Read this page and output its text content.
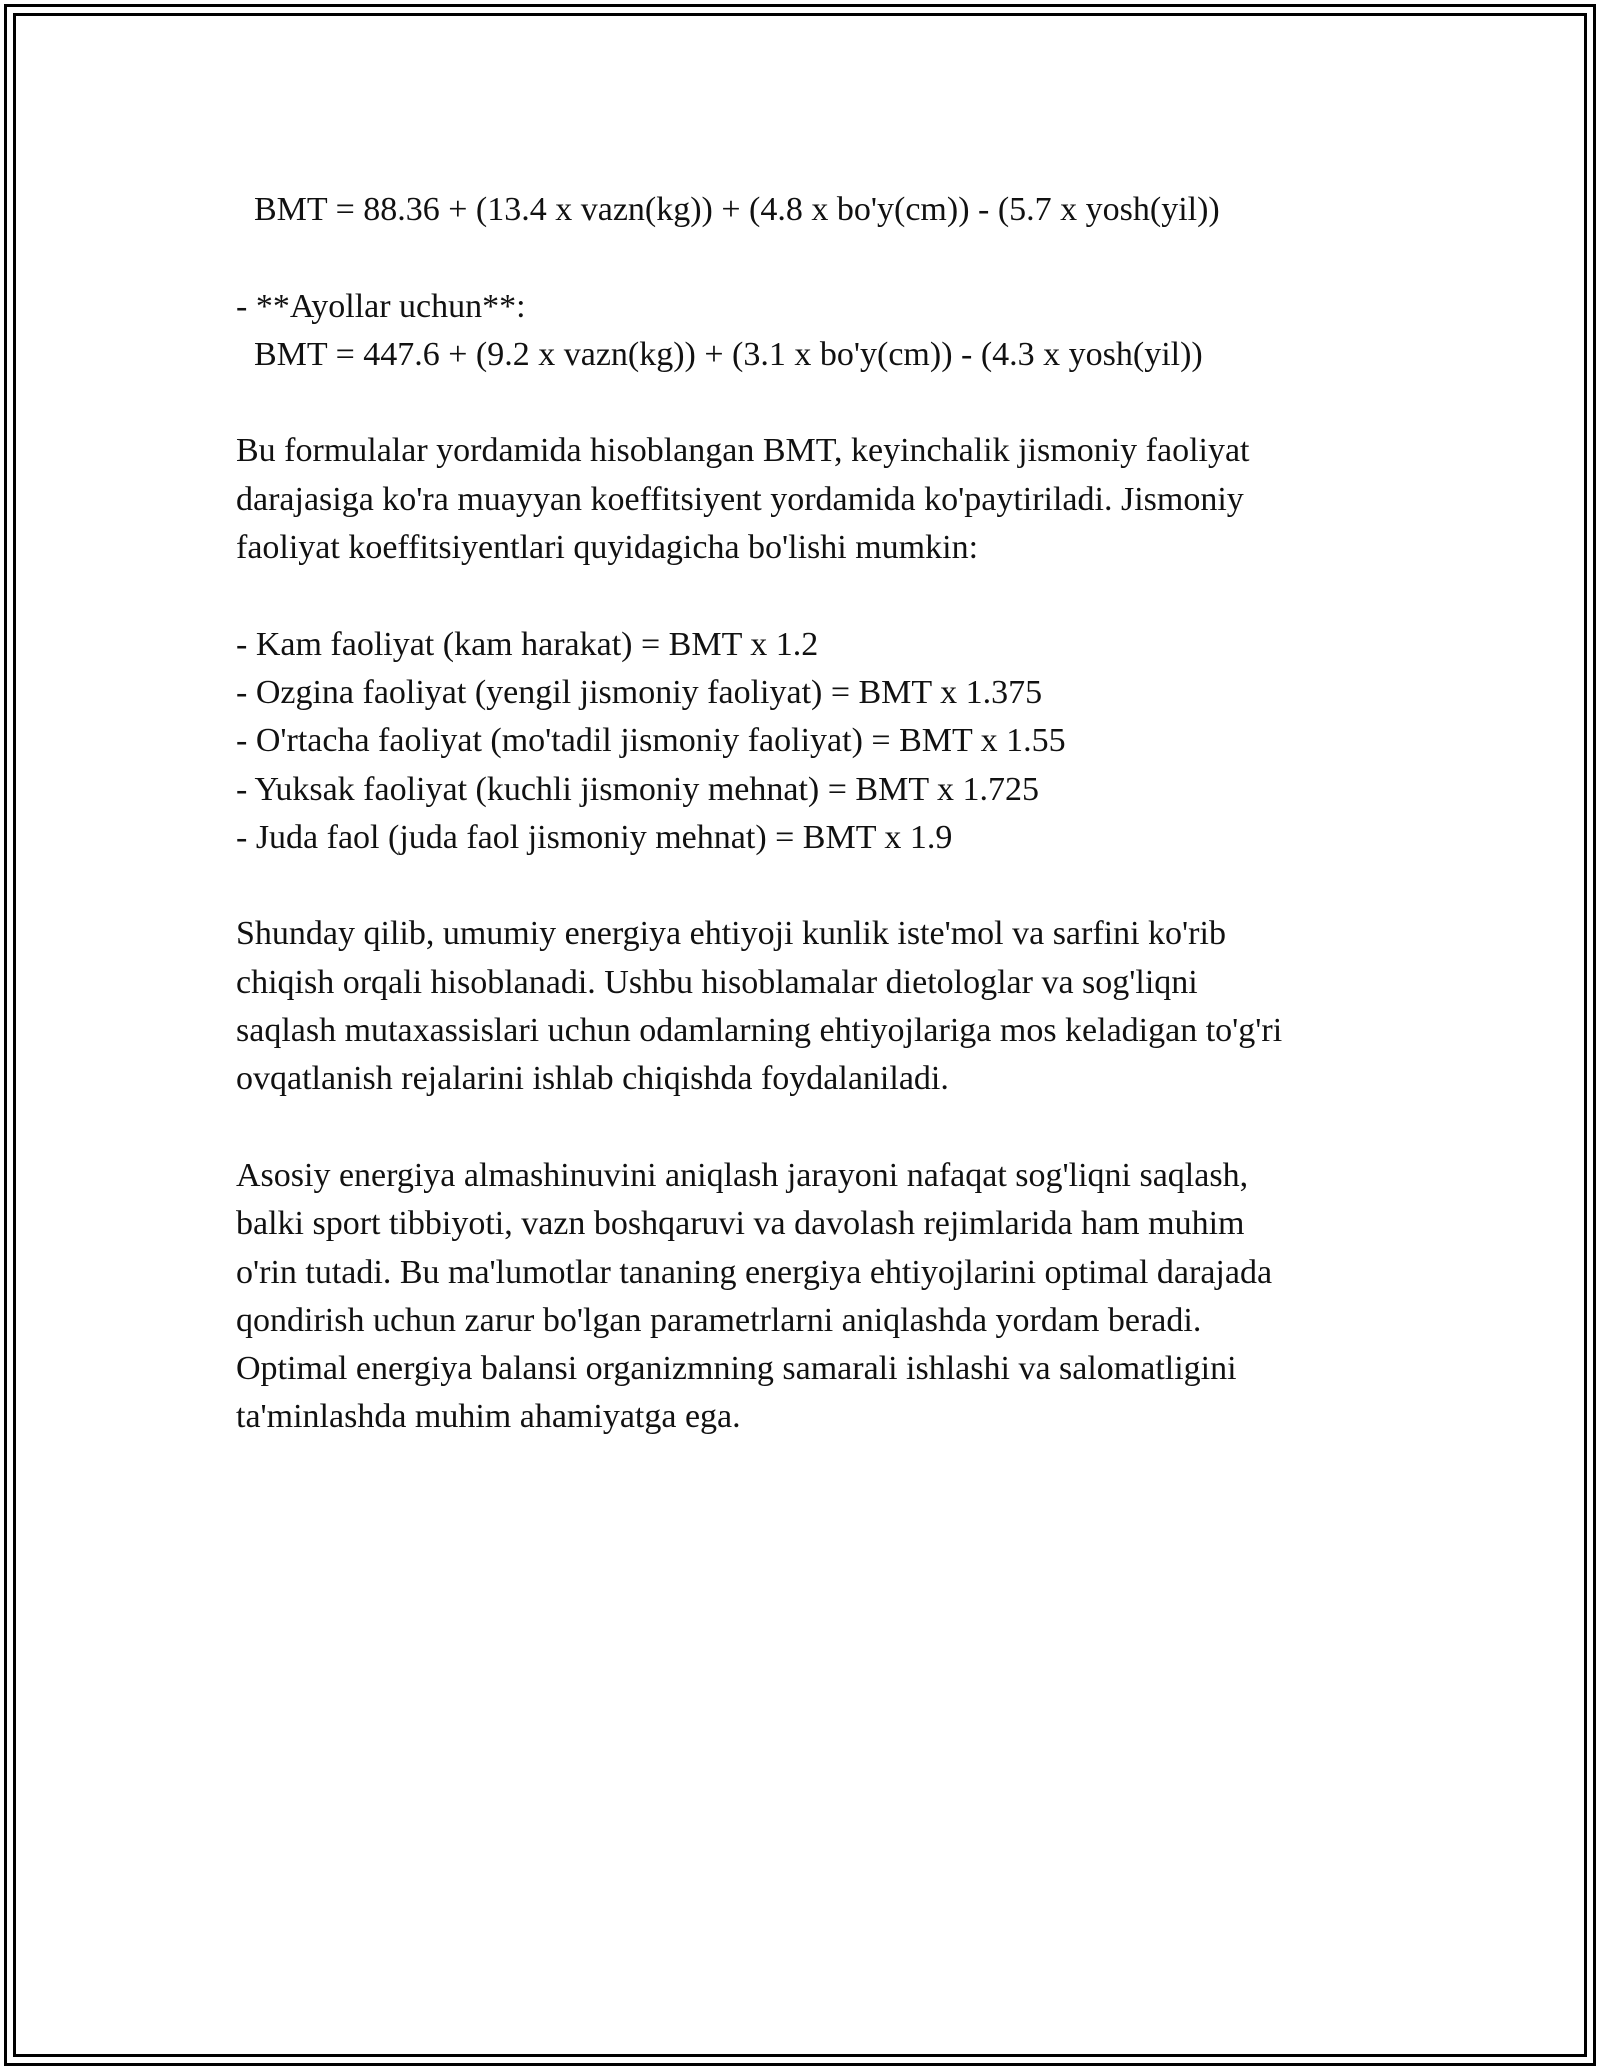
BMT = 88.36 + (13.4 x vazn(kg)) + (4.8 x bo'y(cm)) - (5.7 x yosh(yil))
- **Ayollar uchun**:
BMT = 447.6 + (9.2 x vazn(kg)) + (3.1 x bo'y(cm)) - (4.3 x yosh(yil))
Bu formulalar yordamida hisoblangan BMT, keyinchalik jismoniy faoliyat
darajasiga ko'ra muayyan koeffitsiyent yordamida ko'paytiriladi. Jismoniy
faoliyat koeffitsiyentlari quyidagicha bo'lishi mumkin:
- Kam faoliyat (kam harakat) = BMT x 1.2
- Ozgina faoliyat (yengil jismoniy faoliyat) = BMT x 1.375
- O'rtacha faoliyat (mo'tadil jismoniy faoliyat) = BMT x 1.55
- Yuksak faoliyat (kuchli jismoniy mehnat) = BMT x 1.725
- Juda faol (juda faol jismoniy mehnat) = BMT x 1.9
Shunday qilib, umumiy energiya ehtiyoji kunlik iste'mol va sarfini ko'rib
chiqish orqali hisoblanadi. Ushbu hisoblamalar dietologlar va sog'liqni
saqlash mutaxassislari uchun odamlarning ehtiyojlariga mos keladigan to'g'ri
ovqatlanish rejalarini ishlab chiqishda foydalaniladi.
Asosiy energiya almashinuvini aniqlash jarayoni nafaqat sog'liqni saqlash,
balki sport tibbiyoti, vazn boshqaruvi va davolash rejimlarida ham muhim
o'rin tutadi. Bu ma'lumotlar tananing energiya ehtiyojlarini optimal darajada
qondirish uchun zarur bo'lgan parametrlarni aniqlashda yordam beradi.
Optimal energiya balansi organizmning samarali ishlashi va salomatligini
ta'minlashda muhim ahamiyatga ega.
